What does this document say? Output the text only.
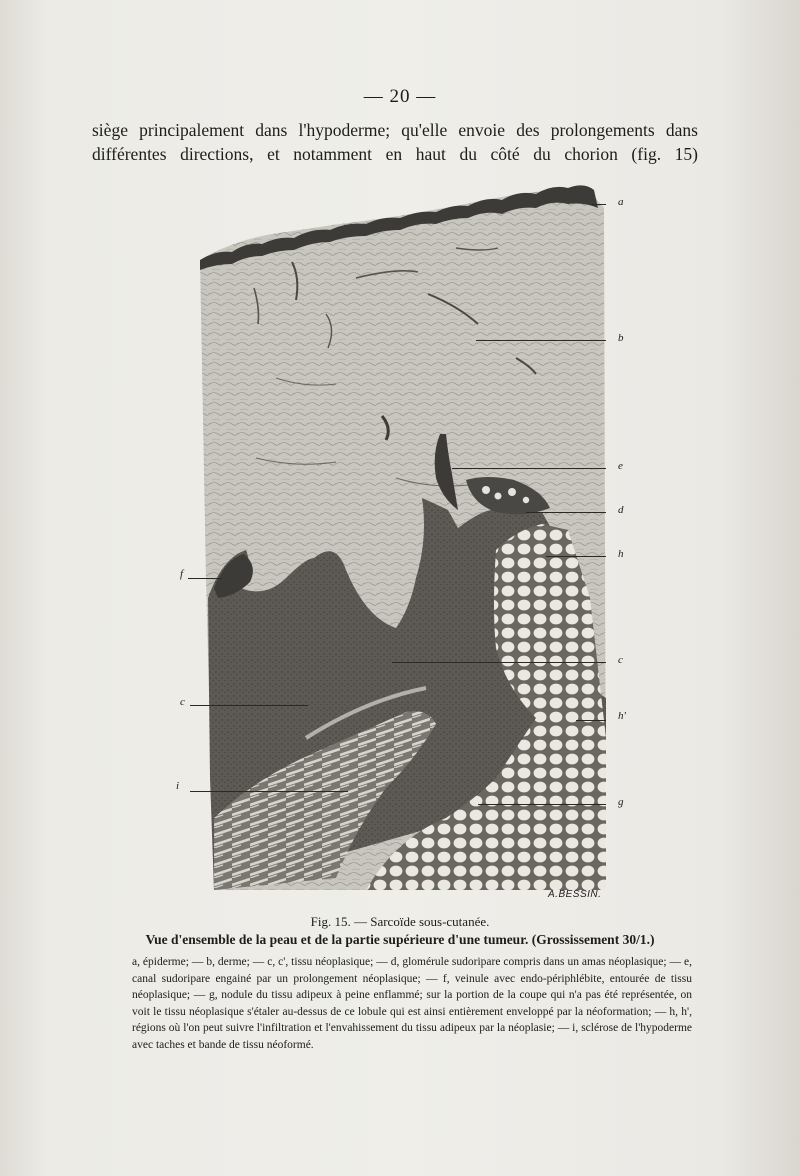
— 20 —
siège principalement dans l'hypoderme; qu'elle envoie des prolongements dans
différentes directions, et notamment en haut du côté du chorion (fig. 15)
a
b
e
d
h
f
c
c
h'
i
g
A.BESSIN.
Fig. 15. — Sarcoïde sous-cutanée.
Vue d'ensemble de la peau et de la partie supérieure d'une tumeur. (Grossissement 30/1.)
a, épiderme; — b, derme; — c, c', tissu néoplasique; — d, glomérule sudoripare compris dans un amas néoplasique; — e, canal sudoripare engainé par un prolongement néoplasique; — f, veinule avec endo-périphlébite, entourée de tissu néoplasique; — g, nodule du tissu adipeux à peine enflammé; sur la portion de la coupe qui n'a pas été représentée, on voit le tissu néoplasique s'étaler au-dessus de ce lobule qui est ainsi entièrement enveloppé par la néoformation; — h, h', régions où l'on peut suivre l'infiltration et l'envahissement du tissu adipeux par la néoplasie; — i, sclérose de l'hypoderme avec taches et bande de tissu néoformé.
